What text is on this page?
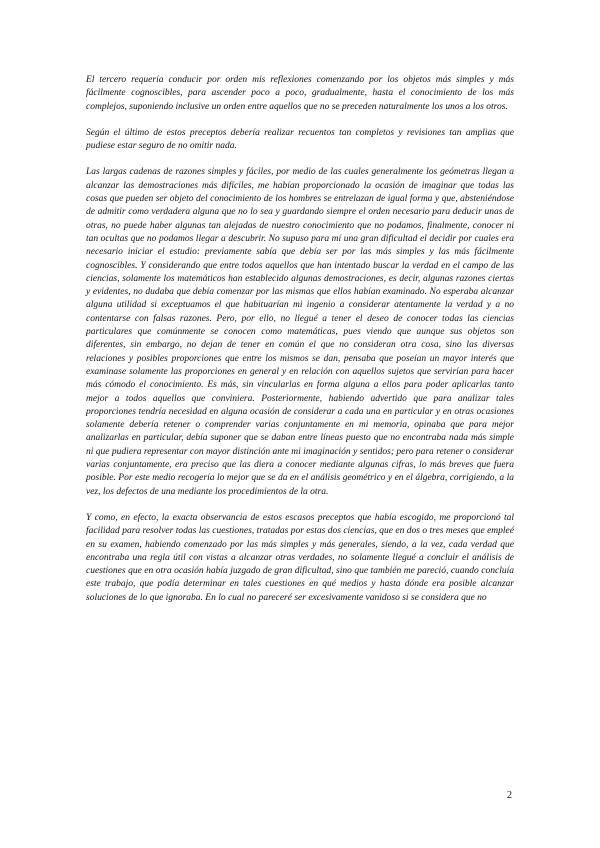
El tercero requería conducir por orden mis reflexiones comenzando por los objetos más simples y más fácilmente cognoscibles, para ascender poco a poco, gradualmente, hasta el conocimiento de los más complejos, suponiendo inclusive un orden entre aquellos que no se preceden naturalmente los unos a los otros.

Según el último de estos preceptos debería realizar recuentos tan completos y revisiones tan amplias que pudiese estar seguro de no omitir nada.

Las largas cadenas de razones simples y fáciles, por medio de las cuales generalmente los geómetras llegan a alcanzar las demostraciones más difíciles, me habían proporcionado la ocasión de imaginar que todas las cosas que pueden ser objeto del conocimiento de los hombres se entrelazan de igual forma y que, absteniéndose de admitir como verdadera alguna que no lo sea y guardando siempre el orden necesario para deducir unas de otras, no puede haber algunas tan alejadas de nuestro conocimiento que no podamos, finalmente, conocer ni tan ocultas que no podamos llegar a descubrir. No supuso para mí una gran dificultad el decidir por cuales era necesario iniciar el estudio: previamente sabía que debía ser por las más simples y las más fácilmente cognoscibles. Y considerando que entre todos aquellos que han intentado buscar la verdad en el campo de las ciencias, solamente los matemáticos han establecido algunas demostraciones, es decir, algunas razones ciertas y evidentes, no dudaba que debía comenzar por las mismas que ellos habían examinado. No esperaba alcanzar alguna utilidad si exceptuamos el que habituarían mi ingenio a considerar atentamente la verdad y a no contentarse con falsas razones. Pero, por ello, no llegué a tener el deseo de conocer todas las ciencias particulares que comúnmente se conocen como matemáticas, pues viendo que aunque sus objetos son diferentes, sin embargo, no dejan de tener en común el que no consideran otra cosa, sino las diversas relaciones y posibles proporciones que entre los mismos se dan, pensaba que poseían un mayor interés que examinase solamente las proporciones en general y en relación con aquellos sujetos que servirían para hacer más cómodo el conocimiento. Es más, sin vincularlas en forma alguna a ellos para poder aplicarlas tanto mejor a todos aquellos que conviniera. Posteriormente, habiendo advertido que para analizar tales proporciones tendría necesidad en alguna ocasión de considerar a cada una en particular y en otras ocasiones solamente debería retener o comprender varias conjuntamente en mi memoria, opinaba que para mejor analizarlas en particular, debía suponer que se daban entre líneas puesto que no encontraba nada más simple ni que pudiera representar con mayor distinción ante mi imaginación y sentidos; pero para retener o considerar varias conjuntamente, era preciso que las diera a conocer mediante algunas cifras, lo más breves que fuera posible. Por este medio recogería lo mejor que se da en el análisis geométrico y en el álgebra, corrigiendo, a la vez, los defectos de una mediante los procedimientos de la otra.

Y como, en efecto, la exacta observancia de estos escasos preceptos que había escogido, me proporcionó tal facilidad para resolver todas las cuestiones, tratadas por estas dos ciencias, que en dos o tres meses que empleé en su examen, habiendo comenzado por las más simples y más generales, siendo, a la vez, cada verdad que encontraba una regla útil con vistas a alcanzar otras verdades, no solamente llegué a concluir el análisis de cuestiones que en otra ocasión había juzgado de gran dificultad, sino que también me pareció, cuando concluía este trabajo, que podía determinar en tales cuestiones en qué medios y hasta dónde era posible alcanzar soluciones de lo que ignoraba. En lo cual no pareceré ser excesivamente vanidoso si se considera que no

2
